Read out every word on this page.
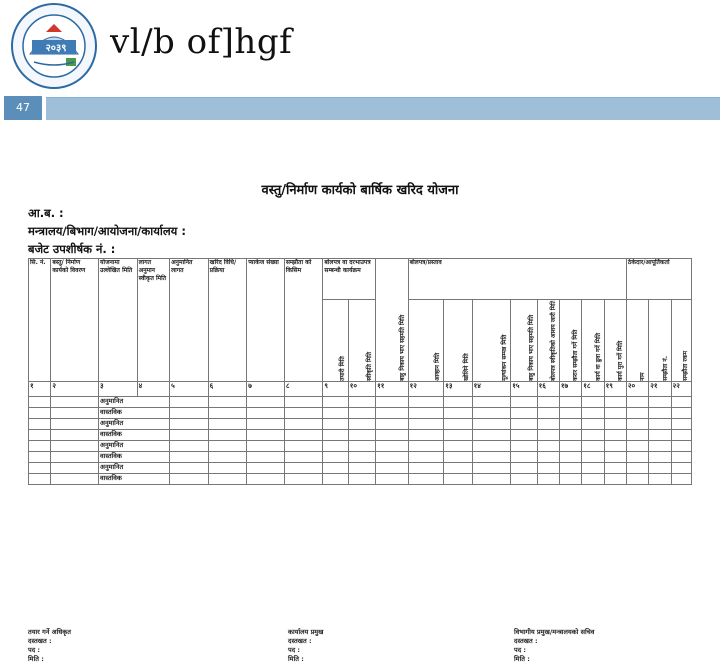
२०३९ vl/b of]hgf
47
वस्तु/निर्माण कार्यको बार्षिक खरिद योजना
आ.ब. :
मन्त्रालय/बिभाग/आयोजना/कार्यालय :
बजेट उपशीर्षक नं. :
सि. नं.	बस्तु/ निर्माण कार्यको विवरण	योजनामा उल्लेखित मिति	लागत अनुमान स्वीकृत मिति	अनुमानित लागत	खरिद विधि/ प्रक्रिया	प्याकेज संख्या	सम्झौता को किसिम	बोलपत्र वा दरभाउपत्र सम्बन्धी कार्यक्रम		बाहु निकाय भाए सहमति मिति	बोलपत्र/प्रस्ताव								ठेकेदार/आपूर्तिकर्ता		
								तयारी मिति	स्वीकृति मिति		आव्हान मिति	खोलिने मिति	मूल्यांकन सम्पन्न मिति	बाहु निकाय भाए सहमति मिति	बोलपत्र स्वीकृतिको आशय जारी मिति	करार सम्झौता गर्ने मिति	कार्य वा ढुवा गर्ने मिति	कार्य पुरा गर्ने मिति	नाम	सम्झौता नं.	सम्झौता रकम
१	२	३	४	५	६	७	८	९	१०	११	१२	१३	१४	१५	१६	१७	१८	१९	२०	२१	२२
		अनुमानित																			
		वास्तविक																			
		अनुमानित																			
		वास्तविक																			
		अनुमानित																			
		वास्तविक																			
		अनुमानित																			
		वास्तविक																			
तयार गर्ने अधिकृत
दस्तखत :
पद :
मिति :
कार्यालय प्रमुख
दस्तखत :
पद :
मिति :
विभागीय प्रमुख/मन्त्रालयको सचिव
दस्तखत :
पद :
मिति :
